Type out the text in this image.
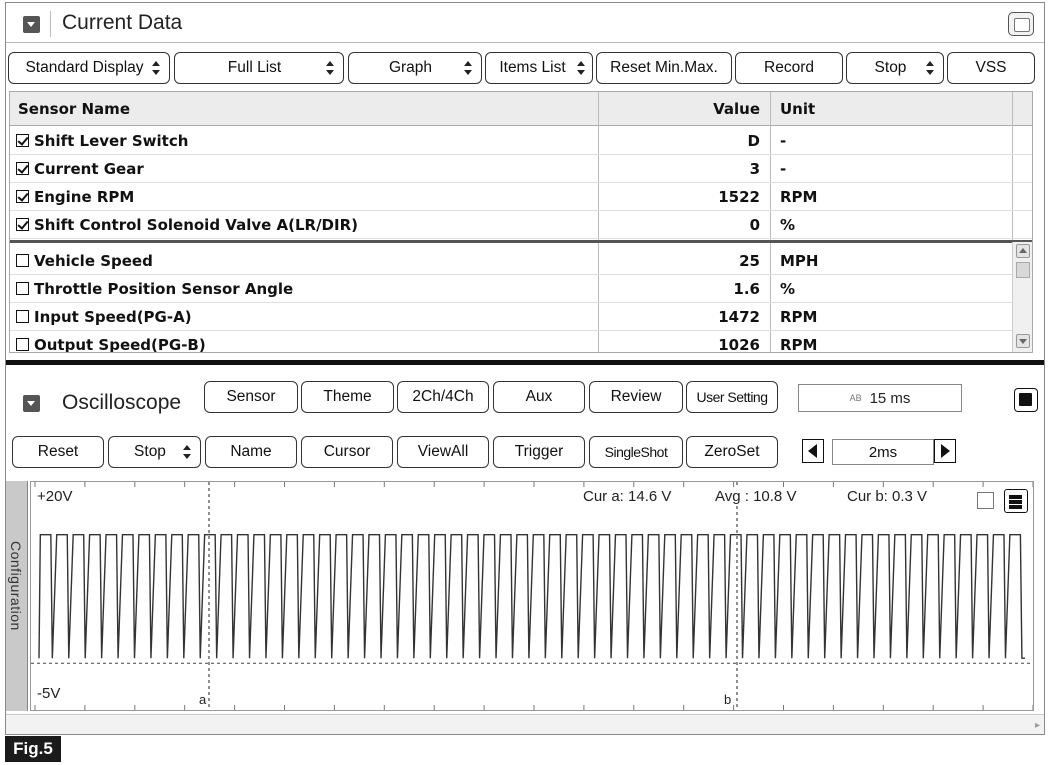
Current Data
Standard Display	Full List	Graph	Items List	Reset Min.Max.	Record	Stop	VSS
Sensor Name	Value Unit
Shift Lever Switch	D -
Current Gear	3 -
Engine RPM	1522 RPM
Shift Control Solenoid Valve A(LR/DIR)	0 %
Vehicle Speed	25 MPH
Throttle Position Sensor Angle	1.6 %
Input Speed(PG-A)	1472 RPM
Output Speed(PG-B)	1026 RPM
Oscilloscope	Sensor	Theme	2Ch/4Ch	Aux	Review	User Setting	AB 15 ms
Reset	Stop	Name	Cursor	ViewAll	Trigger	SingleShot ZeroSet	2ms
Configuration
+20V
-5V	a	b
Cur a: 14.6 V	Avg : 10.8 V	Cur b: 0.3 V
▸
Fig.5
